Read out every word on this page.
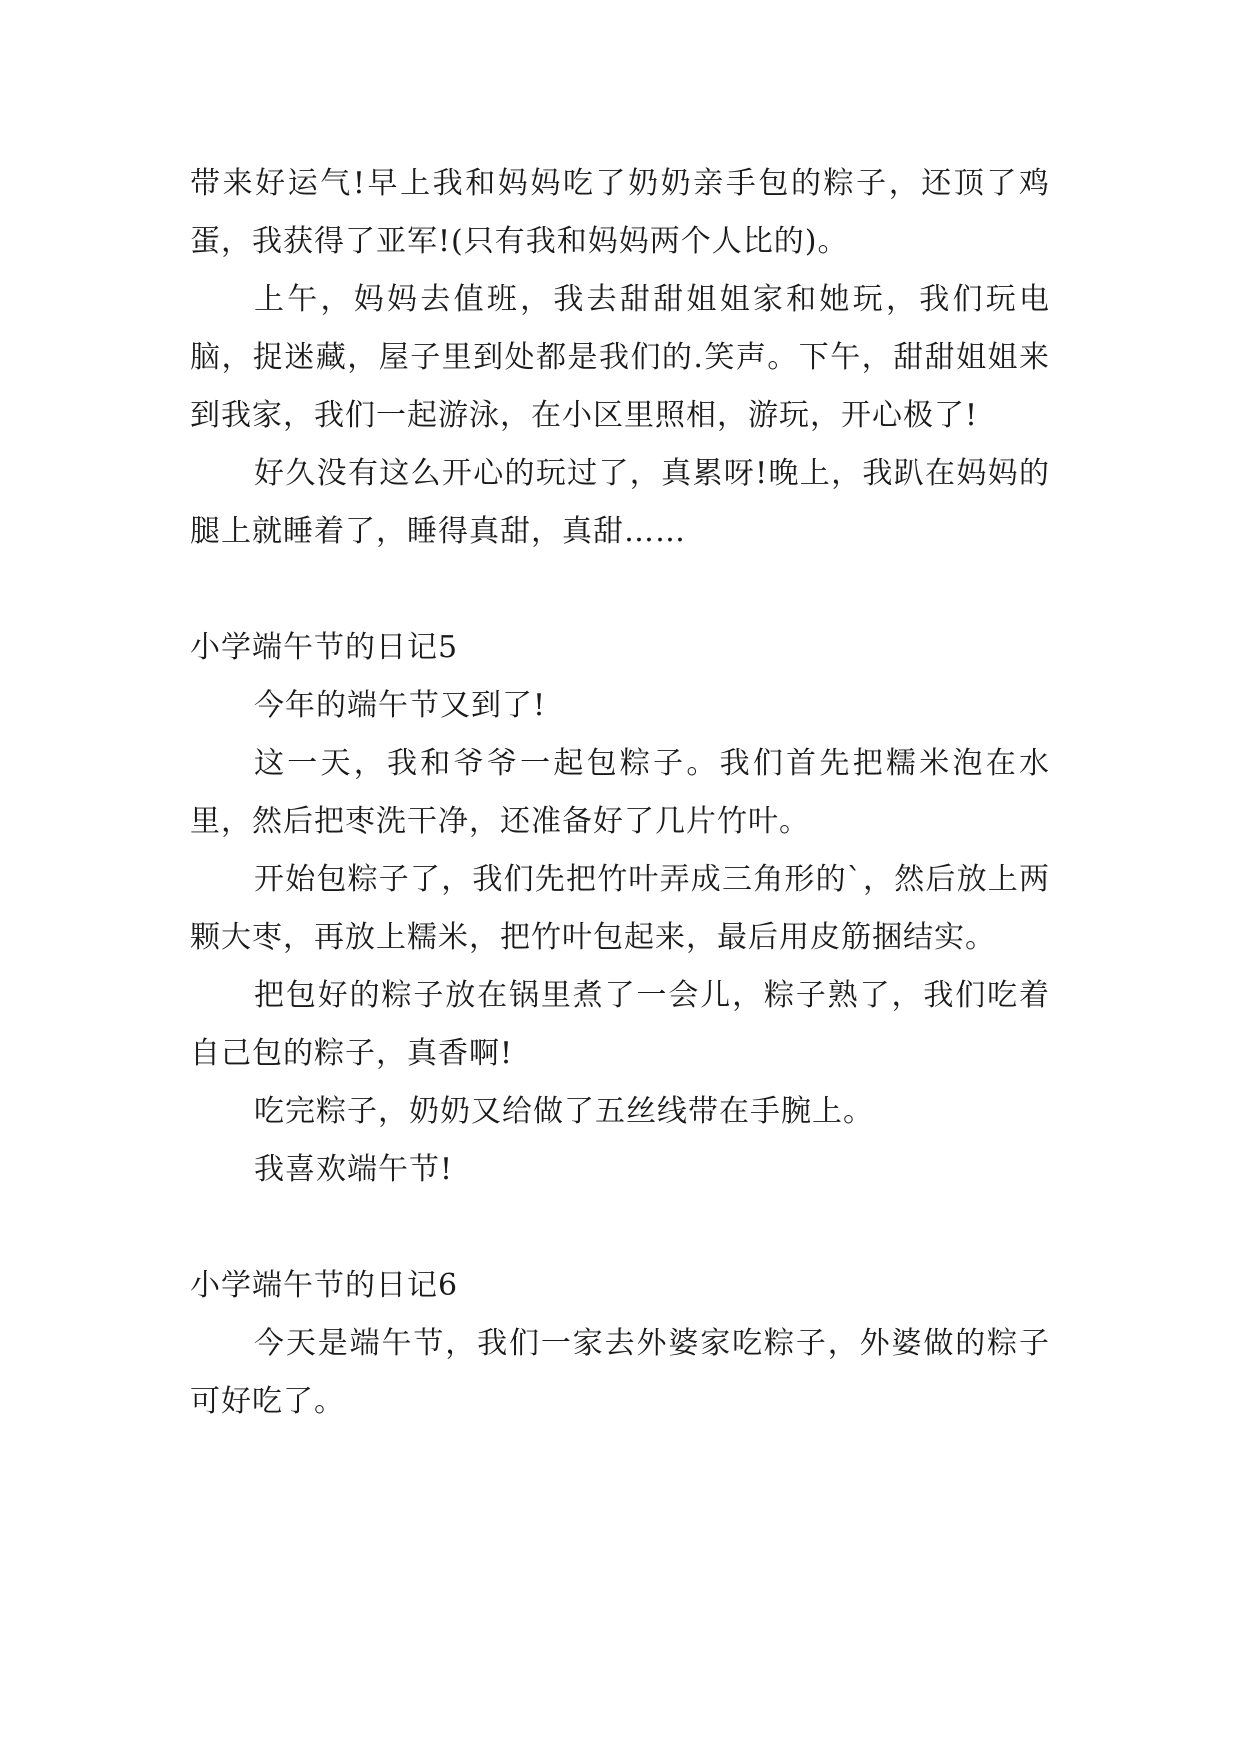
带来好运气!早上我和妈妈吃了奶奶亲手包的粽子，还顶了鸡蛋，我获得了亚军!(只有我和妈妈两个人比的)。

上午，妈妈去值班，我去甜甜姐姐家和她玩，我们玩电脑，捉迷藏，屋子里到处都是我们的.笑声。下午，甜甜姐姐来到我家，我们一起游泳，在小区里照相，游玩，开心极了!

好久没有这么开心的玩过了，真累呀!晚上，我趴在妈妈的腿上就睡着了，睡得真甜，真甜……

小学端午节的日记5

今年的端午节又到了!

这一天，我和爷爷一起包粽子。我们首先把糯米泡在水里，然后把枣洗干净，还准备好了几片竹叶。

开始包粽子了，我们先把竹叶弄成三角形的`，然后放上两颗大枣，再放上糯米，把竹叶包起来，最后用皮筋捆结实。

把包好的粽子放在锅里煮了一会儿，粽子熟了，我们吃着自己包的粽子，真香啊!

吃完粽子，奶奶又给做了五丝线带在手腕上。

我喜欢端午节!

小学端午节的日记6

今天是端午节，我们一家去外婆家吃粽子，外婆做的粽子可好吃了。
